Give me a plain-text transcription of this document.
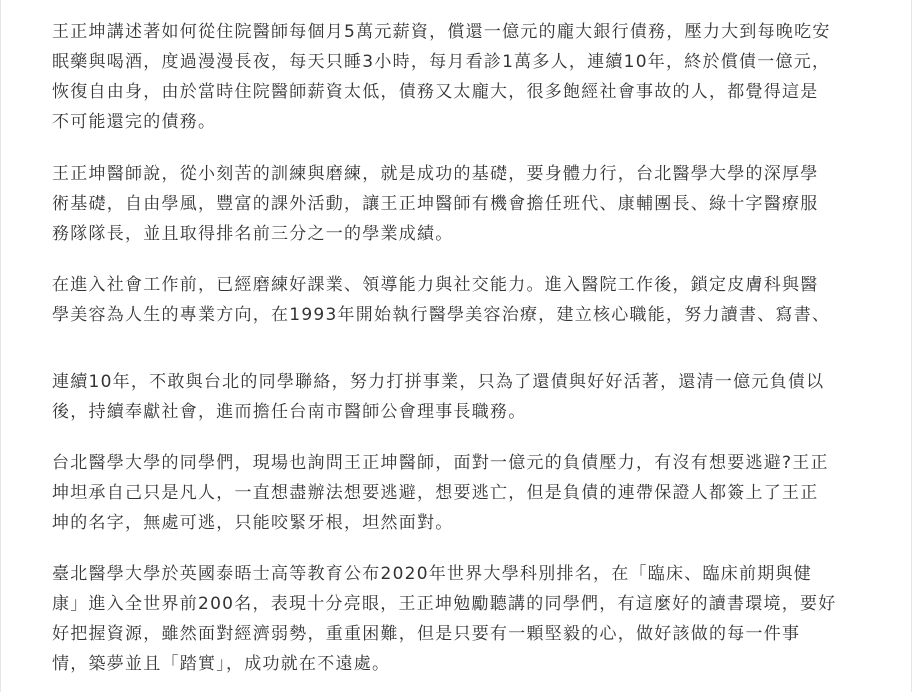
王正坤講述著如何從住院醫師每個月5萬元薪資，償還一億元的龐大銀行債務，壓力大到每晚吃安
眠藥與喝酒，度過漫漫長夜，每天只睡3小時，每月看診1萬多人，連續10年，終於償債一億元，
恢復自由身，由於當時住院醫師薪資太低，債務又太龐大，很多飽經社會事故的人，都覺得這是
不可能還完的債務。

王正坤醫師說，從小刻苦的訓練與磨練，就是成功的基礎，要身體力行，台北醫學大學的深厚學
術基礎，自由學風，豐富的課外活動，讓王正坤醫師有機會擔任班代、康輔團長、綠十字醫療服
務隊隊長，並且取得排名前三分之一的學業成績。

在進入社會工作前，已經磨練好課業、領導能力與社交能力。進入醫院工作後，鎖定皮膚科與醫
學美容為人生的專業方向，在1993年開始執行醫學美容治療，建立核心職能，努力讀書、寫書、

連續10年，不敢與台北的同學聯絡，努力打拼事業，只為了還債與好好活著，還清一億元負債以
後，持續奉獻社會，進而擔任台南市醫師公會理事長職務。

台北醫學大學的同學們，現場也詢問王正坤醫師，面對一億元的負債壓力，有沒有想要逃避?王正
坤坦承自己只是凡人，一直想盡辦法想要逃避，想要逃亡，但是負債的連帶保證人都簽上了王正
坤的名字，無處可逃，只能咬緊牙根，坦然面對。

臺北醫學大學於英國泰晤士高等教育公布2020年世界大學科別排名，在「臨床、臨床前期與健
康」進入全世界前200名，表現十分亮眼，王正坤勉勵聽講的同學們，有這麼好的讀書環境，要好
好把握資源，雖然面對經濟弱勢，重重困難，但是只要有一顆堅毅的心，做好該做的每一件事
情，築夢並且「踏實」，成功就在不遠處。
